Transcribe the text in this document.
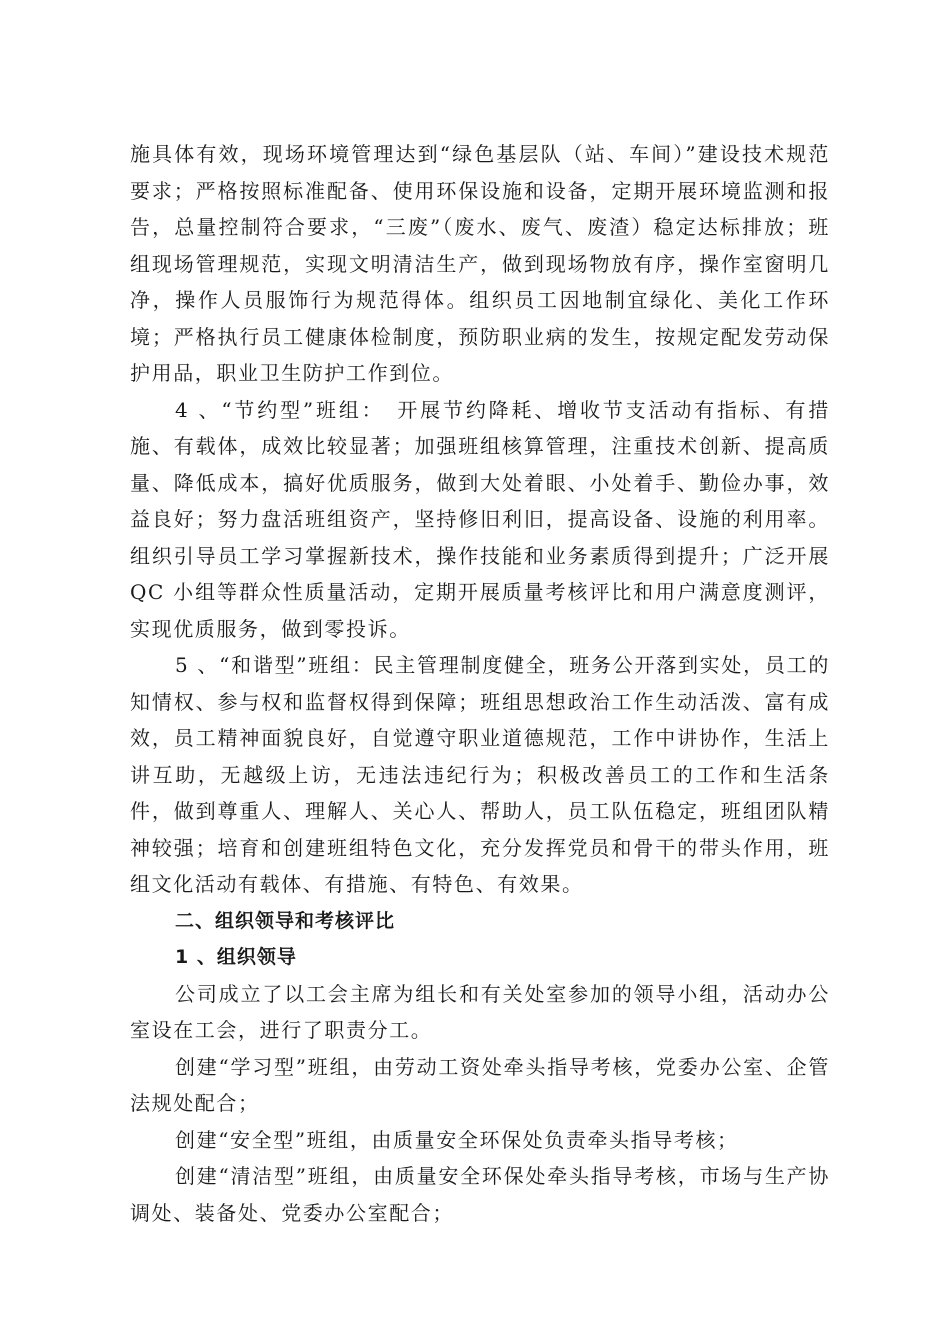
施具体有效，现场环境管理达到“绿色基层队（站、车间）”建设技术规范要求；严格按照标准配备、使用环保设施和设备，定期开展环境监测和报告，总量控制符合要求，“三废”（废水、废气、废渣）稳定达标排放；班组现场管理规范，实现文明清洁生产，做到现场物放有序，操作室窗明几净，操作人员服饰行为规范得体。组织员工因地制宜绿化、美化工作环境；严格执行员工健康体检制度，预防职业病的发生，按规定配发劳动保护用品，职业卫生防护工作到位。

4 、“节约型”班组：　开展节约降耗、增收节支活动有指标、有措施、有载体，成效比较显著；加强班组核算管理，注重技术创新、提高质量、降低成本，搞好优质服务，做到大处着眼、小处着手、勤俭办事，效益良好；努力盘活班组资产，坚持修旧利旧，提高设备、设施的利用率。组织引导员工学习掌握新技术，操作技能和业务素质得到提升；广泛开展QC 小组等群众性质量活动，定期开展质量考核评比和用户满意度测评，实现优质服务，做到零投诉。

5 、“和谐型”班组：民主管理制度健全，班务公开落到实处，员工的知情权、参与权和监督权得到保障；班组思想政治工作生动活泼、富有成效，员工精神面貌良好，自觉遵守职业道德规范，工作中讲协作，生活上讲互助，无越级上访，无违法违纪行为；积极改善员工的工作和生活条件，做到尊重人、理解人、关心人、帮助人，员工队伍稳定，班组团队精神较强；培育和创建班组特色文化，充分发挥党员和骨干的带头作用，班组文化活动有载体、有措施、有特色、有效果。

二、组织领导和考核评比

1 、组织领导

公司成立了以工会主席为组长和有关处室参加的领导小组，活动办公室设在工会，进行了职责分工。

创建“学习型”班组，由劳动工资处牵头指导考核，党委办公室、企管法规处配合；

创建“安全型”班组，由质量安全环保处负责牵头指导考核；

创建“清洁型”班组，由质量安全环保处牵头指导考核，市场与生产协调处、装备处、党委办公室配合；
